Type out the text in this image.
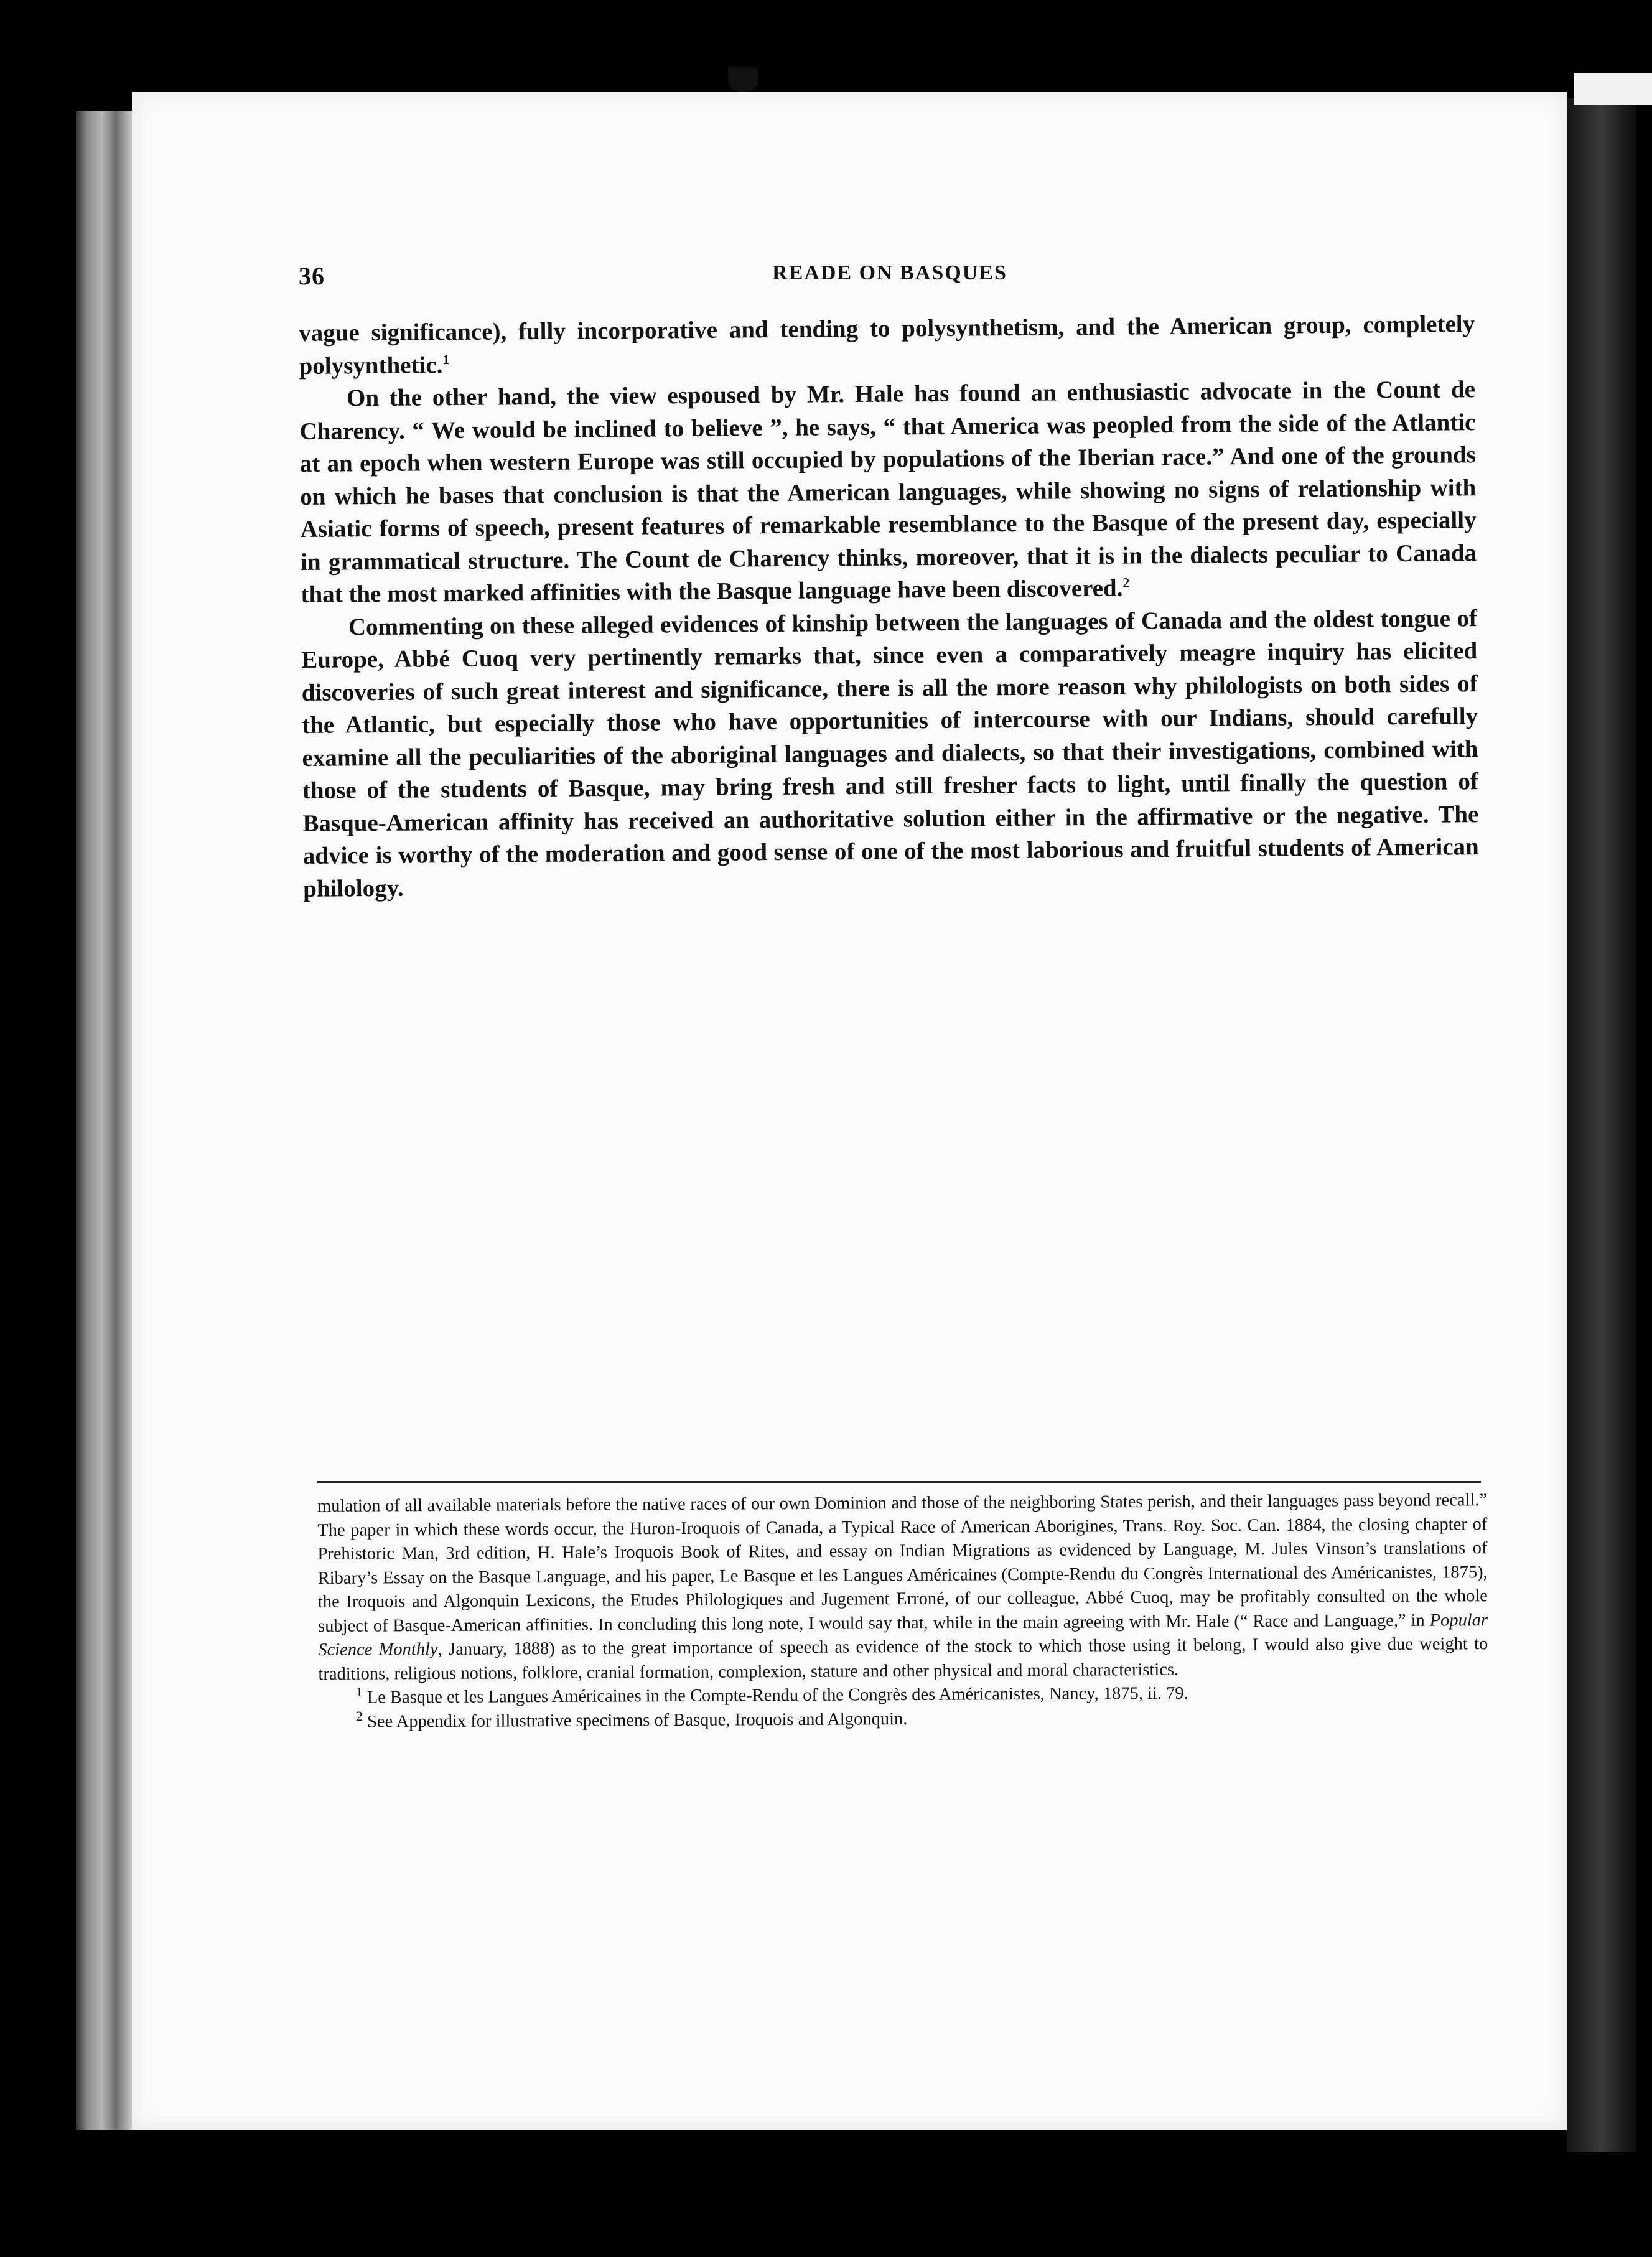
36	READE ON BASQUES

vague significance), fully incorporative and tending to polysynthetism, and the American group, completely polysynthetic.$^1$

On the other hand, the view espoused by Mr. Hale has found an enthusiastic advocate in the Count de Charency. “ We would be inclined to believe ”, he says, “ that America was peopled from the side of the Atlantic at an epoch when western Europe was still occupied by populations of the Iberian race.” And one of the grounds on which he bases that conclusion is that the American languages, while showing no signs of relationship with Asiatic forms of speech, present features of remarkable resemblance to the Basque of the present day, especially in grammatical structure. The Count de Charency thinks, moreover, that it is in the dialects peculiar to Canada that the most marked affinities with the Basque language have been discovered.$^2$

Commenting on these alleged evidences of kinship between the languages of Canada and the oldest tongue of Europe, Abbé Cuoq very pertinently remarks that, since even a comparatively meagre inquiry has elicited discoveries of such great interest and significance, there is all the more reason why philologists on both sides of the Atlantic, but especially those who have opportunities of intercourse with our Indians, should carefully examine all the peculiarities of the aboriginal languages and dialects, so that their investigations, combined with those of the students of Basque, may bring fresh and still fresher facts to light, until finally the question of Basque-American affinity has received an authoritative solution either in the affirmative or the negative. The advice is worthy of the moderation and good sense of one of the most laborious and fruitful students of American philology.

mulation of all available materials before the native races of our own Dominion and those of the neighboring States perish, and their languages pass beyond recall.” The paper in which these words occur, the Huron-Iroquois of Canada, a Typical Race of American Aborigines, Trans. Roy. Soc. Can. 1884, the closing chapter of Prehistoric Man, 3rd edition, H. Hale’s Iroquois Book of Rites, and essay on Indian Migrations as evidenced by Language, M. Jules Vinson’s translations of Ribary’s Essay on the Basque Language, and his paper, Le Basque et les Langues Américaines (Compte-Rendu du Congrès International des Américanistes, 1875), the Iroquois and Algonquin Lexicons, the Etudes Philologiques and Jugement Erroné, of our colleague, Abbé Cuoq, may be profitably consulted on the whole subject of Basque-American affinities. In concluding this long note, I would say that, while in the main agreeing with Mr. Hale (“ Race and Language,” in Popular Science Monthly, January, 1888) as to the great importance of speech as evidence of the stock to which those using it belong, I would also give due weight to traditions, religious notions, folklore, cranial formation, complexion, stature and other physical and moral characteristics.

$^1$ Le Basque et les Langues Américaines in the Compte-Rendu of the Congrès des Américanistes, Nancy, 1875, ii. 79.

$^2$ See Appendix for illustrative specimens of Basque, Iroquois and Algonquin.
